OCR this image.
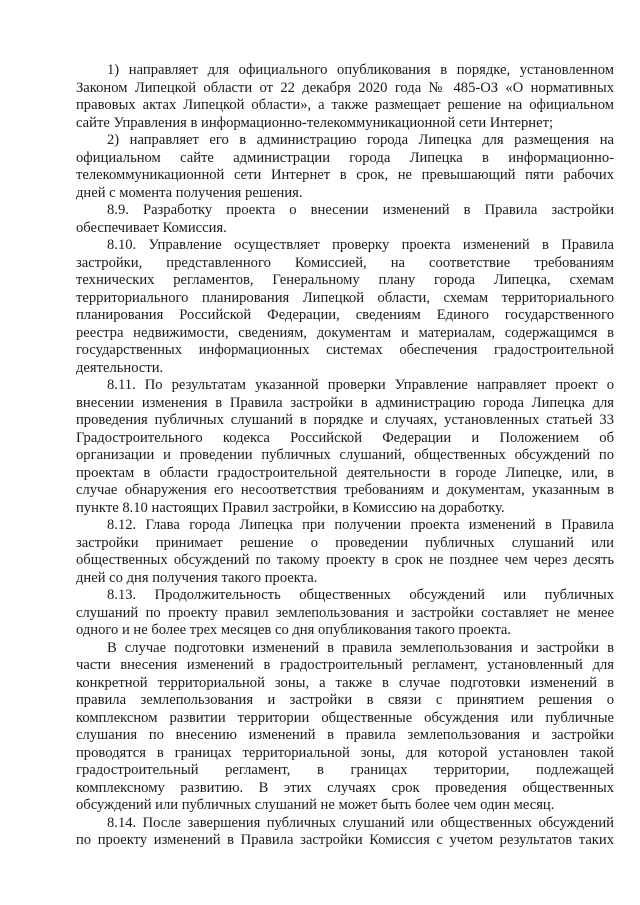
1) направляет для официального опубликования в порядке, установленном
Законом Липецкой области от 22 декабря 2020 года № 485-ОЗ «О нормативных
правовых актах Липецкой области», а также размещает решение на официальном
сайте Управления в информационно-телекоммуникационной сети Интернет;
2) направляет его в администрацию города Липецка для размещения на
официальном сайте администрации города Липецка в информационно-
телекоммуникационной сети Интернет в срок, не превышающий пяти рабочих
дней с момента получения решения.
8.9. Разработку проекта о внесении изменений в Правила застройки
обеспечивает Комиссия.
8.10. Управление осуществляет проверку проекта изменений в Правила
застройки, представленного Комиссией, на соответствие требованиям
технических регламентов, Генеральному плану города Липецка, схемам
территориального планирования Липецкой области, схемам территориального
планирования Российской Федерации, сведениям Единого государственного
реестра недвижимости, сведениям, документам и материалам, содержащимся в
государственных информационных системах обеспечения градостроительной
деятельности.
8.11. По результатам указанной проверки Управление направляет проект о
внесении изменения в Правила застройки в администрацию города Липецка для
проведения публичных слушаний в порядке и случаях, установленных статьей 33
Градостроительного кодекса Российской Федерации и Положением об
организации и проведении публичных слушаний, общественных обсуждений по
проектам в области градостроительной деятельности в городе Липецке, или, в
случае обнаружения его несоответствия требованиям и документам, указанным в
пункте 8.10 настоящих Правил застройки, в Комиссию на доработку.
8.12. Глава города Липецка при получении проекта изменений в Правила
застройки принимает решение о проведении публичных слушаний или
общественных обсуждений по такому проекту в срок не позднее чем через десять
дней со дня получения такого проекта.
8.13. Продолжительность общественных обсуждений или публичных
слушаний по проекту правил землепользования и застройки составляет не менее
одного и не более трех месяцев со дня опубликования такого проекта.
В случае подготовки изменений в правила землепользования и застройки в
части внесения изменений в градостроительный регламент, установленный для
конкретной территориальной зоны, а также в случае подготовки изменений в
правила землепользования и застройки в связи с принятием решения о
комплексном развитии территории общественные обсуждения или публичные
слушания по внесению изменений в правила землепользования и застройки
проводятся в границах территориальной зоны, для которой установлен такой
градостроительный регламент, в границах территории, подлежащей
комплексному развитию. В этих случаях срок проведения общественных
обсуждений или публичных слушаний не может быть более чем один месяц.
8.14. После завершения публичных слушаний или общественных обсуждений
по проекту изменений в Правила застройки Комиссия с учетом результатов таких
